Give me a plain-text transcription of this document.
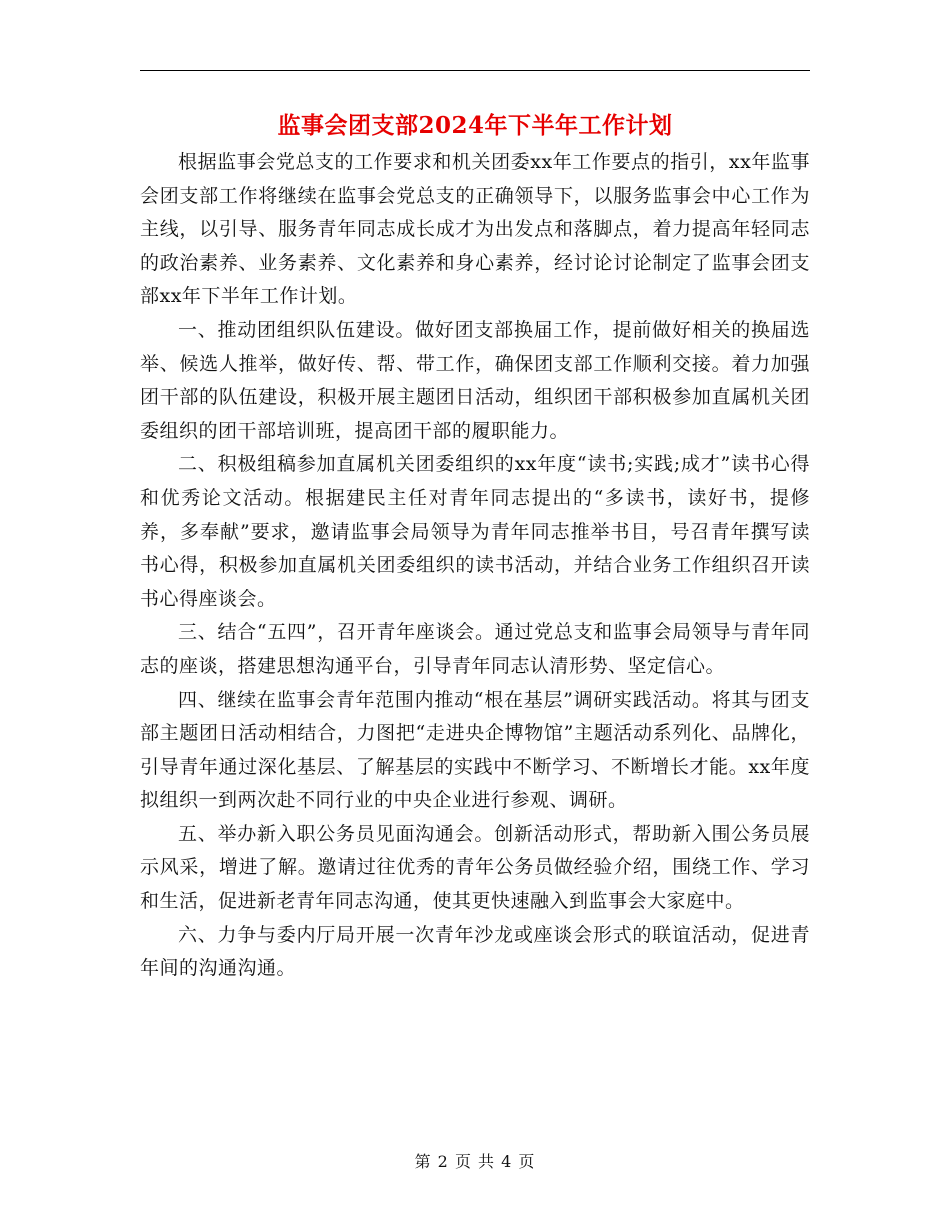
监事会团支部2024年下半年工作计划

根据监事会党总支的工作要求和机关团委xx年工作要点的指引，xx年监事会团支部工作将继续在监事会党总支的正确领导下，以服务监事会中心工作为主线，以引导、服务青年同志成长成才为出发点和落脚点，着力提高年轻同志的政治素养、业务素养、文化素养和身心素养，经讨论讨论制定了监事会团支部xx年下半年工作计划。

一、推动团组织队伍建设。做好团支部换届工作，提前做好相关的换届选举、候选人推举，做好传、帮、带工作，确保团支部工作顺利交接。着力加强团干部的队伍建设，积极开展主题团日活动，组织团干部积极参加直属机关团委组织的团干部培训班，提高团干部的履职能力。

二、积极组稿参加直属机关团委组织的xx年度“读书;实践;成才”读书心得和优秀论文活动。根据建民主任对青年同志提出的“多读书，读好书，提修养，多奉献”要求，邀请监事会局领导为青年同志推举书目，号召青年撰写读书心得，积极参加直属机关团委组织的读书活动，并结合业务工作组织召开读书心得座谈会。

三、结合“五四”，召开青年座谈会。通过党总支和监事会局领导与青年同志的座谈，搭建思想沟通平台，引导青年同志认清形势、坚定信心。

四、继续在监事会青年范围内推动“根在基层”调研实践活动。将其与团支部主题团日活动相结合，力图把“走进央企博物馆”主题活动系列化、品牌化，引导青年通过深化基层、了解基层的实践中不断学习、不断增长才能。xx年度拟组织一到两次赴不同行业的中央企业进行参观、调研。

五、举办新入职公务员见面沟通会。创新活动形式，帮助新入围公务员展示风采，增进了解。邀请过往优秀的青年公务员做经验介绍，围绕工作、学习和生活，促进新老青年同志沟通，使其更快速融入到监事会大家庭中。

六、力争与委内厅局开展一次青年沙龙或座谈会形式的联谊活动，促进青年间的沟通沟通。

第 2 页 共 4 页
